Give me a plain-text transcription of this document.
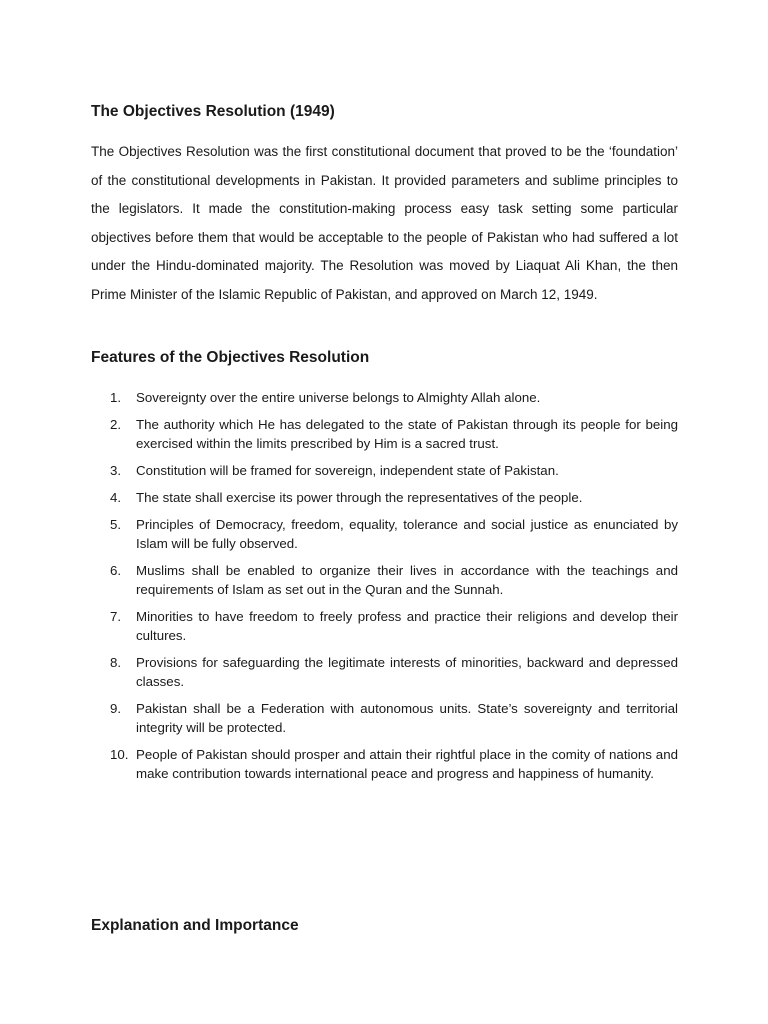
The Objectives Resolution (1949)

The Objectives Resolution was the first constitutional document that proved to be the ‘foundation’ of the constitutional developments in Pakistan. It provided parameters and sublime principles to the legislators. It made the constitution-making process easy task setting some particular objectives before them that would be acceptable to the people of Pakistan who had suffered a lot under the Hindu-dominated majority. The Resolution was moved by Liaquat Ali Khan, the then Prime Minister of the Islamic Republic of Pakistan, and approved on March 12, 1949.

Features of the Objectives Resolution
1.	Sovereignty over the entire universe belongs to Almighty Allah alone.
2.	The authority which He has delegated to the state of Pakistan through its people for being exercised within the limits prescribed by Him is a sacred trust.
3.	Constitution will be framed for sovereign, independent state of Pakistan.
4.	The state shall exercise its power through the representatives of the people.
5.	Principles of Democracy, freedom, equality, tolerance and social justice as enunciated by Islam will be fully observed.
6.	Muslims shall be enabled to organize their lives in accordance with the teachings and requirements of Islam as set out in the Quran and the Sunnah.
7.	Minorities to have freedom to freely profess and practice their religions and develop their cultures.
8.	Provisions for safeguarding the legitimate interests of minorities, backward and depressed classes.
9.	Pakistan shall be a Federation with autonomous units. State’s sovereignty and territorial integrity will be protected.
10. People of Pakistan should prosper and attain their rightful place in the comity of nations and make contribution towards international peace and progress and happiness of humanity.
Explanation and Importance
